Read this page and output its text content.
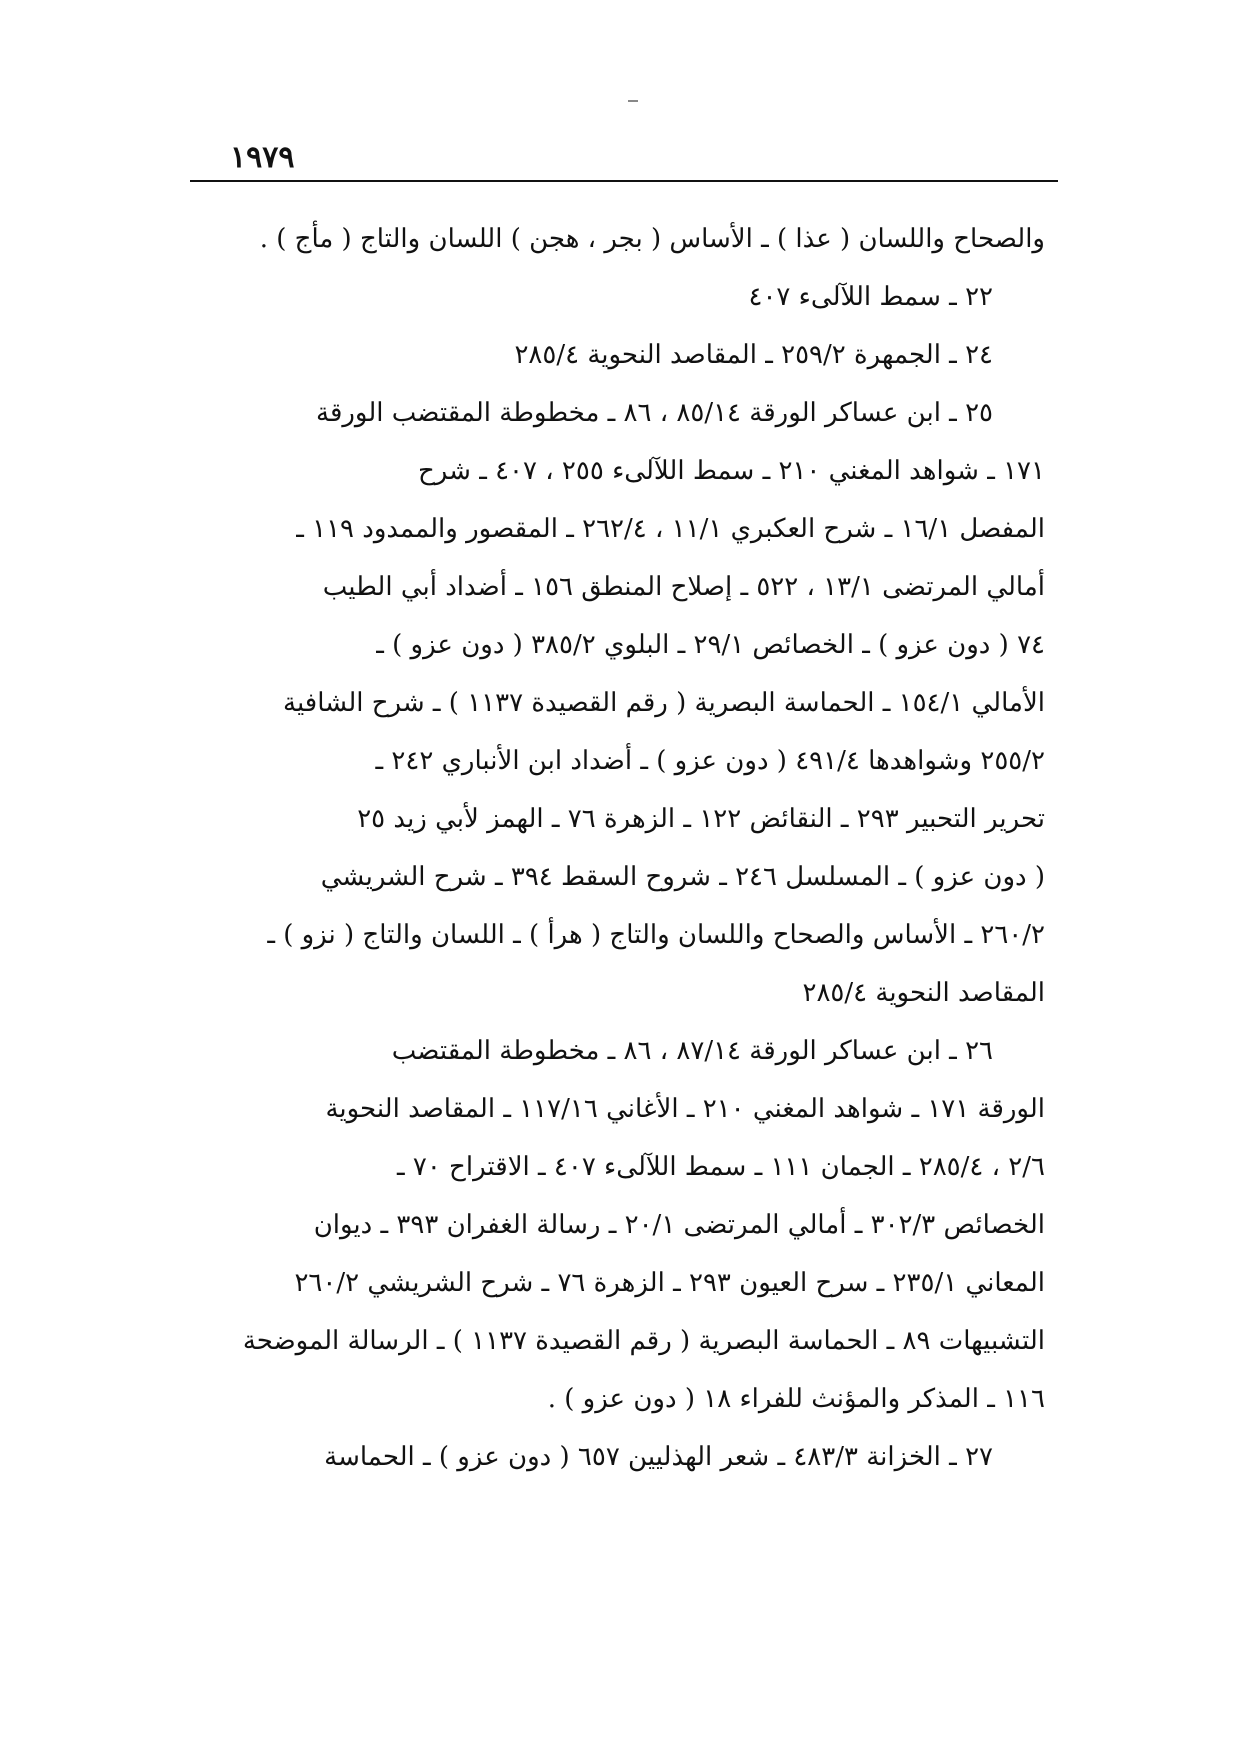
١٩٧٩
والصحاح واللسان ( عذا ) ـ الأساس ( بجر ، هجن ) اللسان والتاج ( مأج ) .
٢٢ ـ سمط اللآلىء ٤٠٧
٢٤ ـ الجمهرة ٢٥٩/٢ ـ المقاصد النحوية ٢٨٥/٤
٢٥ ـ ابن عساكر الورقة ٨٥/١٤ ، ٨٦ ـ مخطوطة المقتضب الورقة
١٧١ ـ شواهد المغني ٢١٠ ـ سمط اللآلىء ٢٥٥ ، ٤٠٧ ـ شرح
المفصل ١٦/١ ـ شرح العكبري ١١/١ ، ٢٦٢/٤ ـ المقصور والممدود ١١٩ ـ
أمالي المرتضى ١٣/١ ، ٥٢٢ ـ إصلاح المنطق ١٥٦ ـ أضداد أبي الطيب
٧٤ ( دون عزو ) ـ الخصائص ٢٩/١ ـ البلوي ٣٨٥/٢ ( دون عزو ) ـ
الأمالي ١٥٤/١ ـ الحماسة البصرية ( رقم القصيدة ١١٣٧ ) ـ شرح الشافية
٢٥٥/٢ وشواهدها ٤٩١/٤ ( دون عزو ) ـ أضداد ابن الأنباري ٢٤٢ ـ
تحرير التحبير ٢٩٣ ـ النقائض ١٢٢ ـ الزهرة ٧٦ ـ الهمز لأبي زيد ٢٥
( دون عزو ) ـ المسلسل ٢٤٦ ـ شروح السقط ٣٩٤ ـ شرح الشريشي
٢٦٠/٢ ـ الأساس والصحاح واللسان والتاج ( هرأ ) ـ اللسان والتاج ( نزو ) ـ
المقاصد النحوية ٢٨٥/٤
٢٦ ـ ابن عساكر الورقة ٨٧/١٤ ، ٨٦ ـ مخطوطة المقتضب
الورقة ١٧١ ـ شواهد المغني ٢١٠ ـ الأغاني ١١٧/١٦ ـ المقاصد النحوية
٢/٦ ، ٢٨٥/٤ ـ الجمان ١١١ ـ سمط اللآلىء ٤٠٧ ـ الاقتراح ٧٠ ـ
الخصائص ٣٠٢/٣ ـ أمالي المرتضى ٢٠/١ ـ رسالة الغفران ٣٩٣ ـ ديوان
المعاني ٢٣٥/١ ـ سرح العيون ٢٩٣ ـ الزهرة ٧٦ ـ شرح الشريشي ٢٦٠/٢
التشبيهات ٨٩ ـ الحماسة البصرية ( رقم القصيدة ١١٣٧ ) ـ الرسالة الموضحة
١١٦ ـ المذكر والمؤنث للفراء ١٨ ( دون عزو ) .
٢٧ ـ الخزانة ٤٨٣/٣ ـ شعر الهذليين ٦٥٧ ( دون عزو ) ـ الحماسة
